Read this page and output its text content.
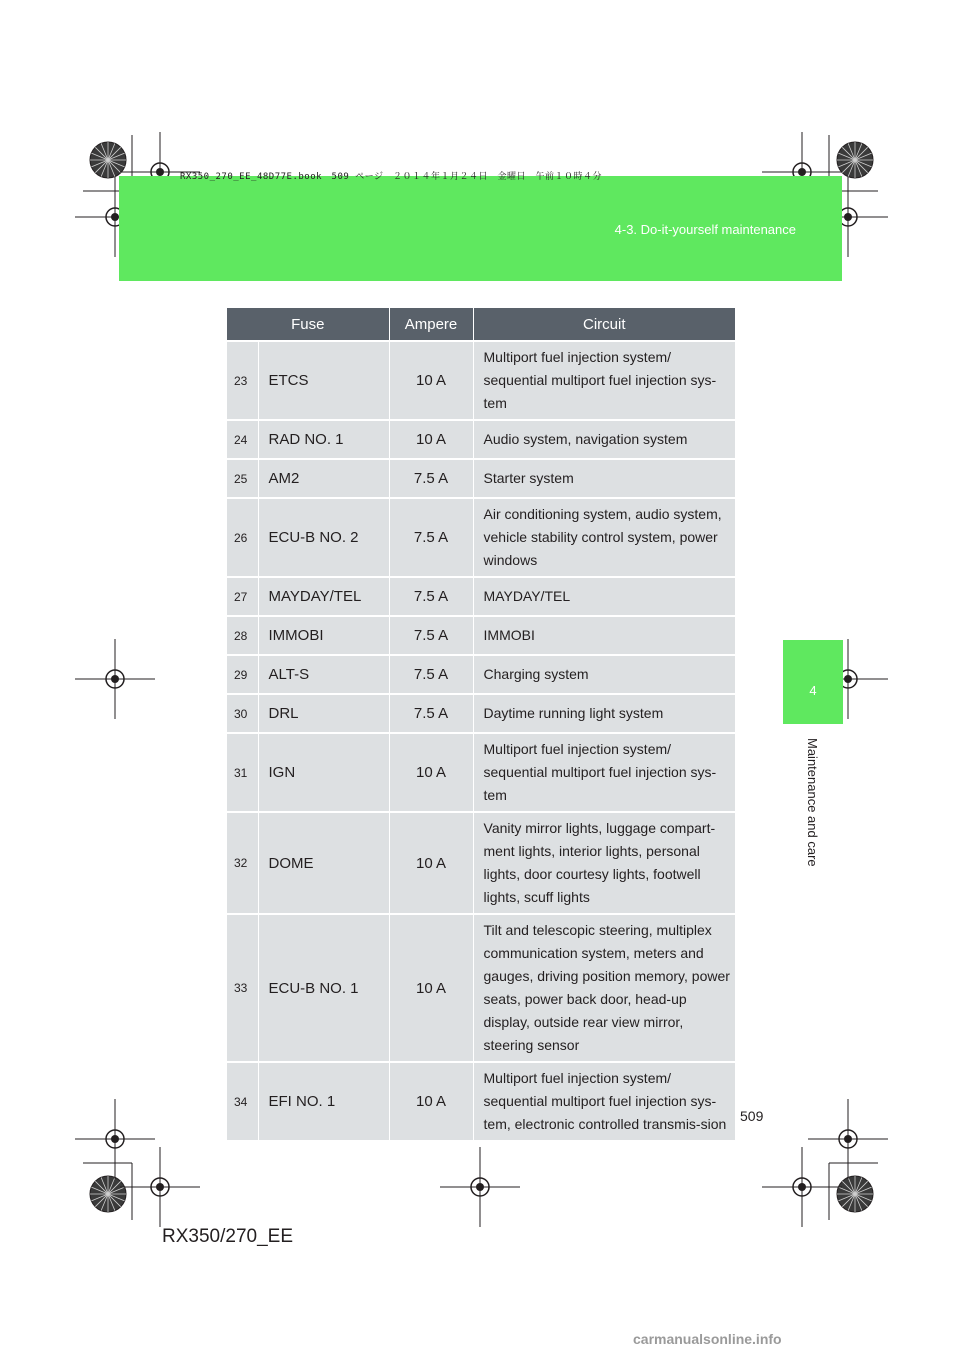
RX350_270_EE_48D77E.book　509 ページ　２０１４年１月２４日　金曜日　午前１０時４分
4-3. Do-it-yourself maintenance
4
Maintenance and care
Fuse		Ampere	Circuit
23	ETCS	10 A	Multiport fuel injection system/ sequential multiport fuel injection sys-tem
24	RAD NO. 1	10 A	Audio system, navigation system
25	AM2	7.5 A	Starter system
26	ECU-B NO. 2	7.5 A	Air conditioning system, audio system, vehicle stability control system, power windows
27	MAYDAY/TEL	7.5 A	MAYDAY/TEL
28	IMMOBI	7.5 A	IMMOBI
29	ALT-S	7.5 A	Charging system
30	DRL	7.5 A	Daytime running light system
31	IGN	10 A	Multiport fuel injection system/ sequential multiport fuel injection sys-tem
32	DOME	10 A	Vanity mirror lights, luggage compart-ment lights, interior lights, personal lights, door courtesy lights, footwell lights, scuff lights
33	ECU-B NO. 1	10 A	Tilt and telescopic steering, multiplex communication system, meters and gauges, driving position memory, power seats, power back door, head-up display, outside rear view mirror, steering sensor
34	EFI NO. 1	10 A	Multiport fuel injection system/ sequential multiport fuel injection sys-tem, electronic controlled transmis-sion 509
RX350/270_EE
carmanualsonline.info
